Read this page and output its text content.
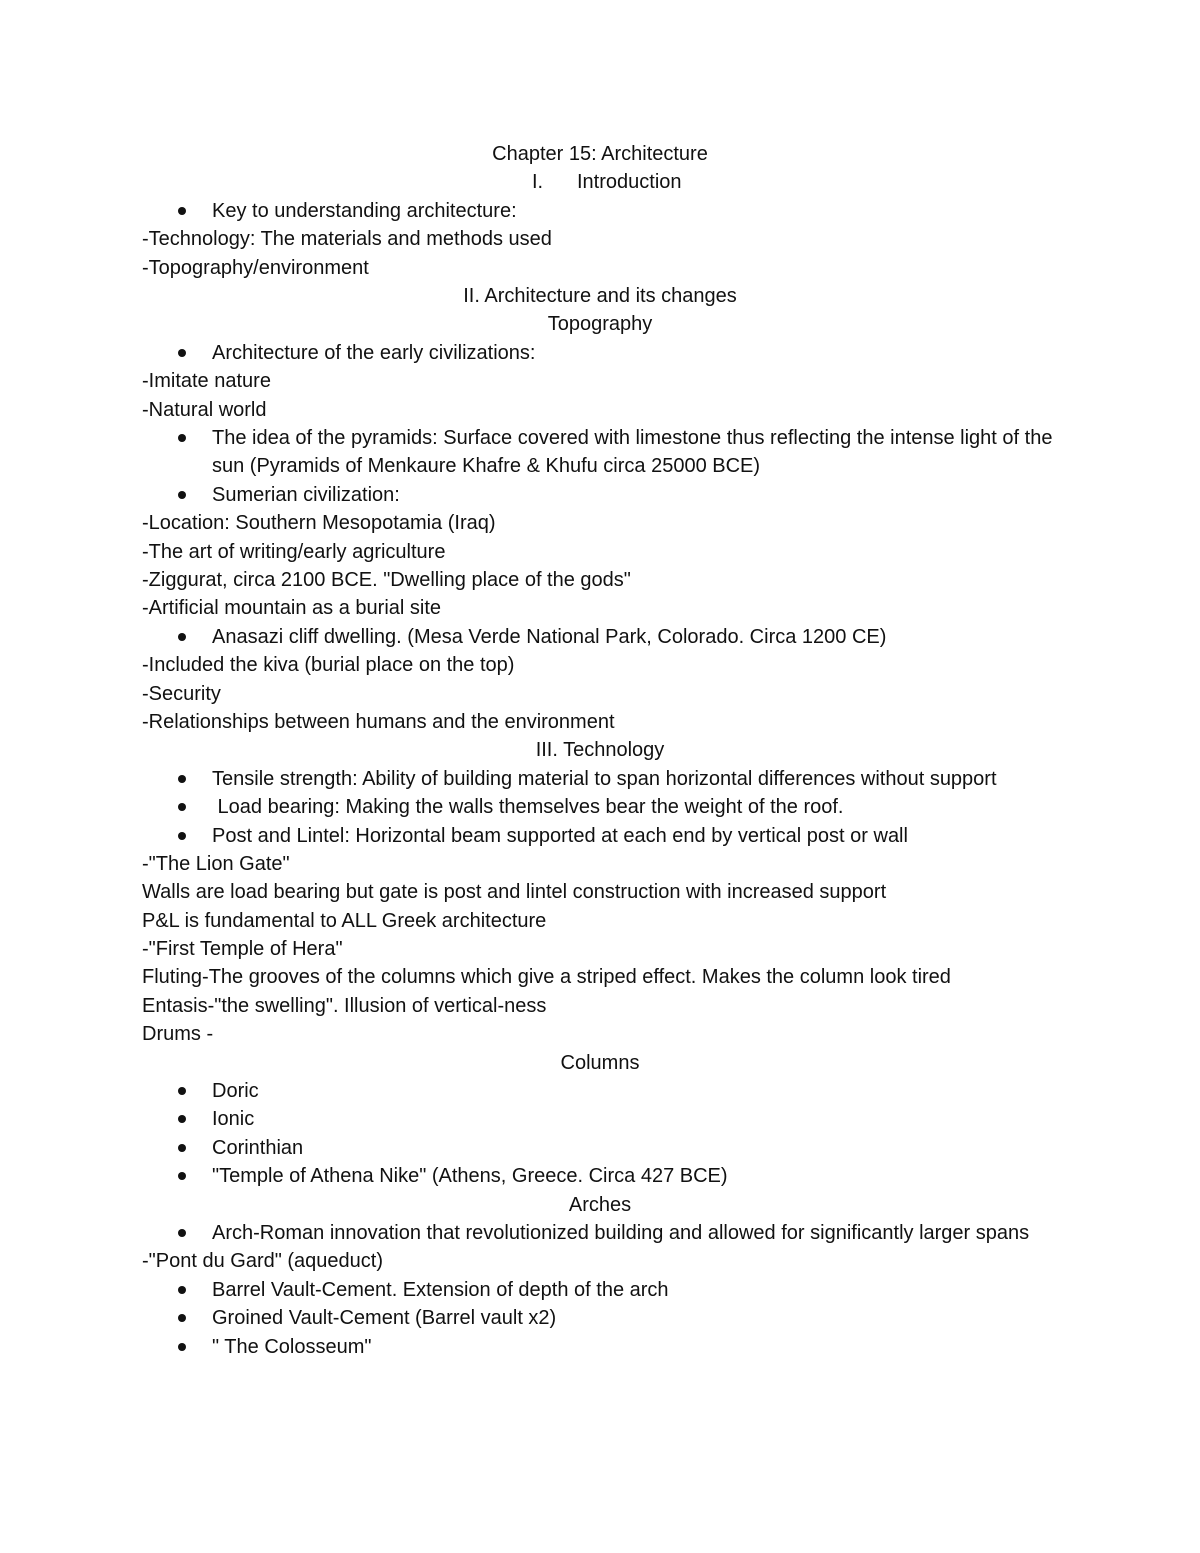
Chapter 15: Architecture
I. Introduction
Key to understanding architecture:
-Technology: The materials and methods used
-Topography/environment
II. Architecture and its changes
Topography
Architecture of the early civilizations:
-Imitate nature
-Natural world
The idea of the pyramids: Surface covered with limestone thus reflecting the intense light of the sun (Pyramids of Menkaure Khafre & Khufu circa 25000 BCE)
Sumerian civilization:
-Location: Southern Mesopotamia (Iraq)
-The art of writing/early agriculture
-Ziggurat, circa 2100 BCE. "Dwelling place of the gods"
-Artificial mountain as a burial site
Anasazi cliff dwelling. (Mesa Verde National Park, Colorado. Circa 1200 CE)
-Included the kiva (burial place on the top)
-Security
-Relationships between humans and the environment
III. Technology
Tensile strength: Ability of building material to span horizontal differences without support
Load bearing: Making the walls themselves bear the weight of the roof.
Post and Lintel: Horizontal beam supported at each end by vertical post or wall
-"The Lion Gate"
Walls are load bearing but gate is post and lintel construction with increased support
P&L is fundamental to ALL Greek architecture
-"First Temple of Hera"
Fluting-The grooves of the columns which give a striped effect. Makes the column look tired
Entasis-"the swelling". Illusion of vertical-ness
Drums -
Columns
Doric
Ionic
Corinthian
"Temple of Athena Nike" (Athens, Greece. Circa 427 BCE)
Arches
Arch-Roman innovation that revolutionized building and allowed for significantly larger spans
-"Pont du Gard" (aqueduct)
Barrel Vault-Cement. Extension of depth of the arch
Groined Vault-Cement (Barrel vault x2)
" The Colosseum"
